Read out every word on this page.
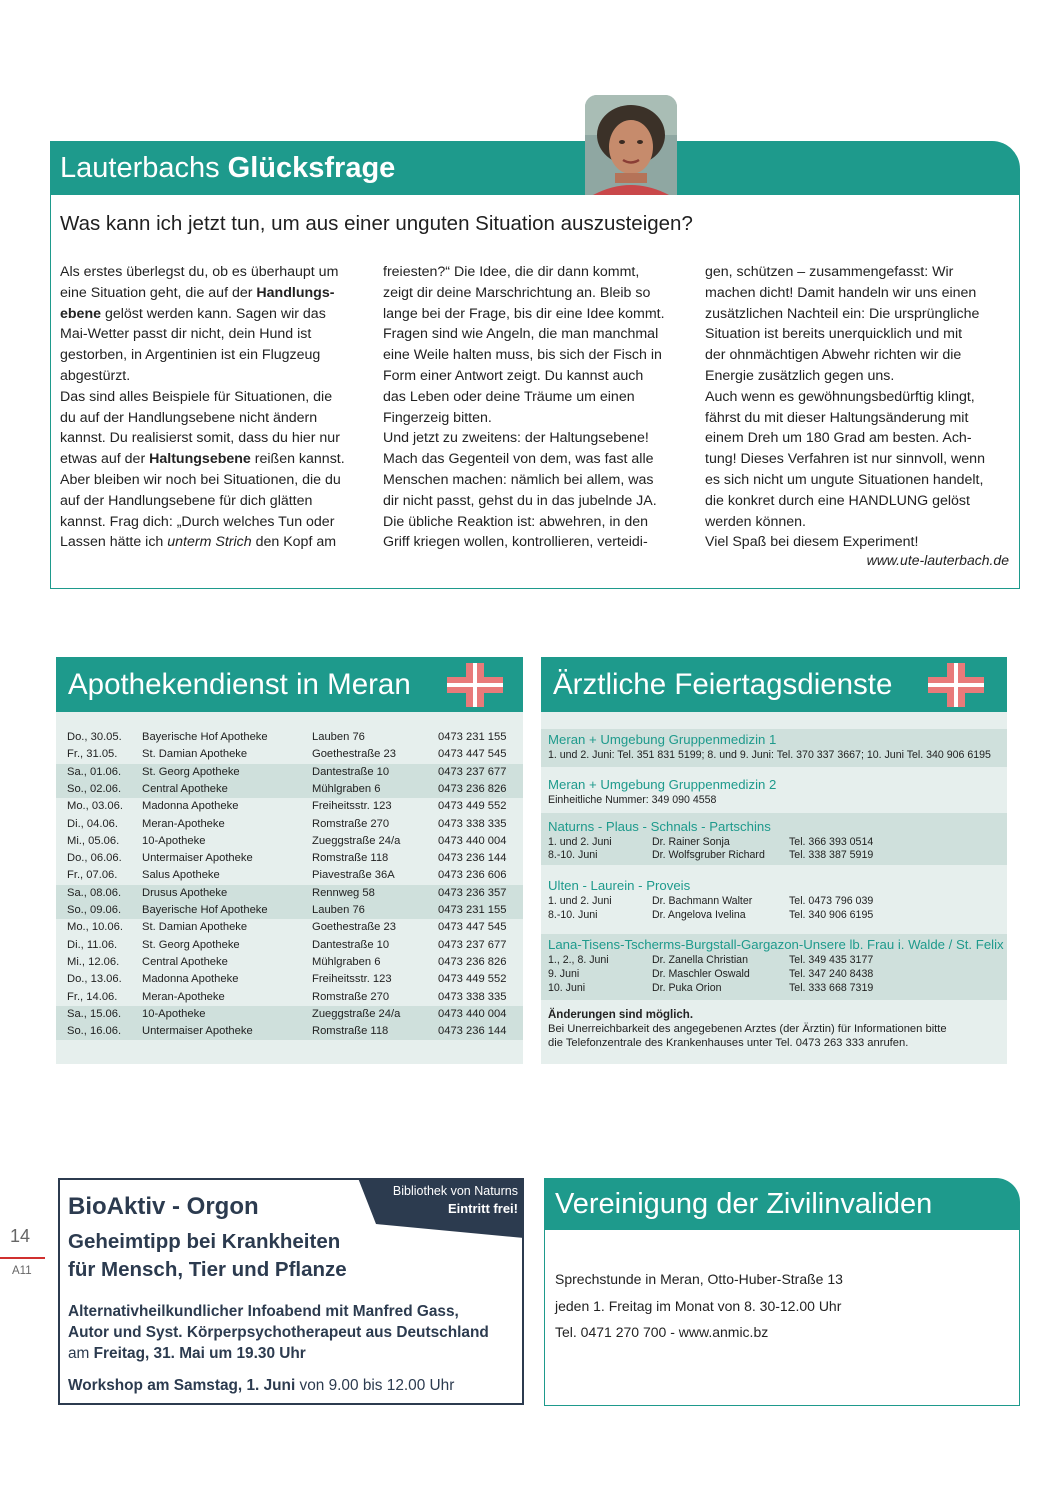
Lauterbachs Glücksfrage
Was kann ich jetzt tun, um aus einer unguten Situation auszusteigen?

Als erstes überlegst du, ob es überhaupt um

eine Situation geht, die auf der Handlungs-

ebene gelöst werden kann. Sagen wir das

Mai-Wetter passt dir nicht, dein Hund ist

gestorben, in Argentinien ist ein Flugzeug

abgestürzt.

Das sind alles Beispiele für Situationen, die

du auf der Handlungsebene nicht ändern

kannst. Du realisierst somit, dass du hier nur

etwas auf der Haltungsebene reißen kannst.

Aber bleiben wir noch bei Situationen, die du

auf der Handlungsebene für dich glätten

kannst. Frag dich: „Durch welches Tun oder

Lassen hätte ich unterm Strich den Kopf am

freiesten?“ Die Idee, die dir dann kommt,

zeigt dir deine Marschrichtung an. Bleib so

lange bei der Frage, bis dir eine Idee kommt.

Fragen sind wie Angeln, die man manchmal

eine Weile halten muss, bis sich der Fisch in

Form einer Antwort zeigt. Du kannst auch

das Leben oder deine Träume um einen

Fingerzeig bitten.

Und jetzt zu zweitens: der Haltungsebene!

Mach das Gegenteil von dem, was fast alle

Menschen machen: nämlich bei allem, was

dir nicht passt, gehst du in das jubelnde JA.

Die übliche Reaktion ist: abwehren, in den

Griff kriegen wollen, kontrollieren, verteidi-

gen, schützen – zusammengefasst: Wir

machen dicht! Damit handeln wir uns einen

zusätzlichen Nachteil ein: Die ursprüngliche

Situation ist bereits unerquicklich und mit

der ohnmächtigen Abwehr richten wir die

Energie zusätzlich gegen uns.

Auch wenn es gewöhnungsbedürftig klingt,

fährst du mit dieser Haltungsänderung mit

einem Dreh um 180 Grad am besten. Ach-

tung! Dieses Verfahren ist nur sinnvoll, wenn

es sich nicht um ungute Situationen handelt,

die konkret durch eine HANDLUNG gelöst

werden können.

Viel Spaß bei diesem Experiment!

www.ute-lauterbach.de
Apothekendienst in Meran
Do., 30.05. Bayerische Hof Apotheke	Lauben 76	0473 231 155
Fr., 31.05. St. Damian Apotheke	Goethestraße 23	0473 447 545
Sa., 01.06. St. Georg Apotheke	Dantestraße 10	0473 237 677
So., 02.06. Central Apotheke	Mühlgraben 6	0473 236 826
Mo., 03.06. Madonna Apotheke	Freiheitsstr. 123	0473 449 552
Di., 04.06. Meran-Apotheke	Romstraße 270	0473 338 335
Mi., 05.06. 10-Apotheke	Zueggstraße 24/a	0473 440 004
Do., 06.06. Untermaiser Apotheke	Romstraße 118	0473 236 144
Fr., 07.06. Salus Apotheke	Piavestraße 36A	0473 236 606
Sa., 08.06. Drusus Apotheke	Rennweg 58	0473 236 357
So., 09.06. Bayerische Hof Apotheke	Lauben 76	0473 231 155
Mo., 10.06. St. Damian Apotheke	Goethestraße 23	0473 447 545
Di., 11.06. St. Georg Apotheke	Dantestraße 10	0473 237 677
Mi., 12.06. Central Apotheke	Mühlgraben 6	0473 236 826
Do., 13.06. Madonna Apotheke	Freiheitsstr. 123	0473 449 552
Fr., 14.06. Meran-Apotheke	Romstraße 270	0473 338 335
Sa., 15.06. 10-Apotheke	Zueggstraße 24/a	0473 440 004
So., 16.06. Untermaiser Apotheke	Romstraße 118	0473 236 144
Ärztliche Feiertagsdienste
Meran + Umgebung Gruppenmedizin 1
1. und 2. Juni: Tel. 351 831 5199; 8. und 9. Juni: Tel. 370 337 3667; 10. Juni Tel. 340 906 6195
Meran + Umgebung Gruppenmedizin 2
Einheitliche Nummer: 349 090 4558
Naturns - Plaus - Schnals - Partschins
1. und 2. Juni	Dr. Rainer Sonja	Tel. 366 393 0514
8.-10. Juni	Dr. Wolfsgruber Richard Tel. 338 387 5919
Ulten - Laurein - Proveis
1. und 2. Juni	Dr. Bachmann Walter	Tel. 0473 796 039
8.-10. Juni	Dr. Angelova Ivelina	Tel. 340 906 6195
Lana-Tisens-Tscherms-Burgstall-Gargazon-Unsere lb. Frau i. Walde / St. Felix
1., 2., 8. Juni	Dr. Zanella Christian	Tel. 349 435 3177
9. Juni	Dr. Maschler Oswald	Tel. 347 240 8438
10. Juni	Dr. Puka Orion	Tel. 333 668 7319
Änderungen sind möglich.
Bei Unerreichbarkeit des angegebenen Arztes (der Ärztin) für Informationen bitte
die Telefonzentrale des Krankenhauses unter Tel. 0473 263 333 anrufen.
14
A11
Bibliothek von Naturns
Eintritt frei!
BioAktiv - Orgon
Geheimtipp bei Krankheiten
für Mensch, Tier und Pflanze
Alternativheilkundlicher Infoabend mit Manfred Gass,
Autor und Syst. Körperpsychotherapeut aus Deutschland
am Freitag, 31. Mai um 19.30 Uhr
Workshop am Samstag, 1. Juni von 9.00 bis 12.00 Uhr
Vereinigung der Zivilinvaliden
Sprechstunde in Meran, Otto-Huber-Straße 13
jeden 1. Freitag im Monat von 8. 30-12.00 Uhr
Tel. 0471 270 700 - www.anmic.bz
